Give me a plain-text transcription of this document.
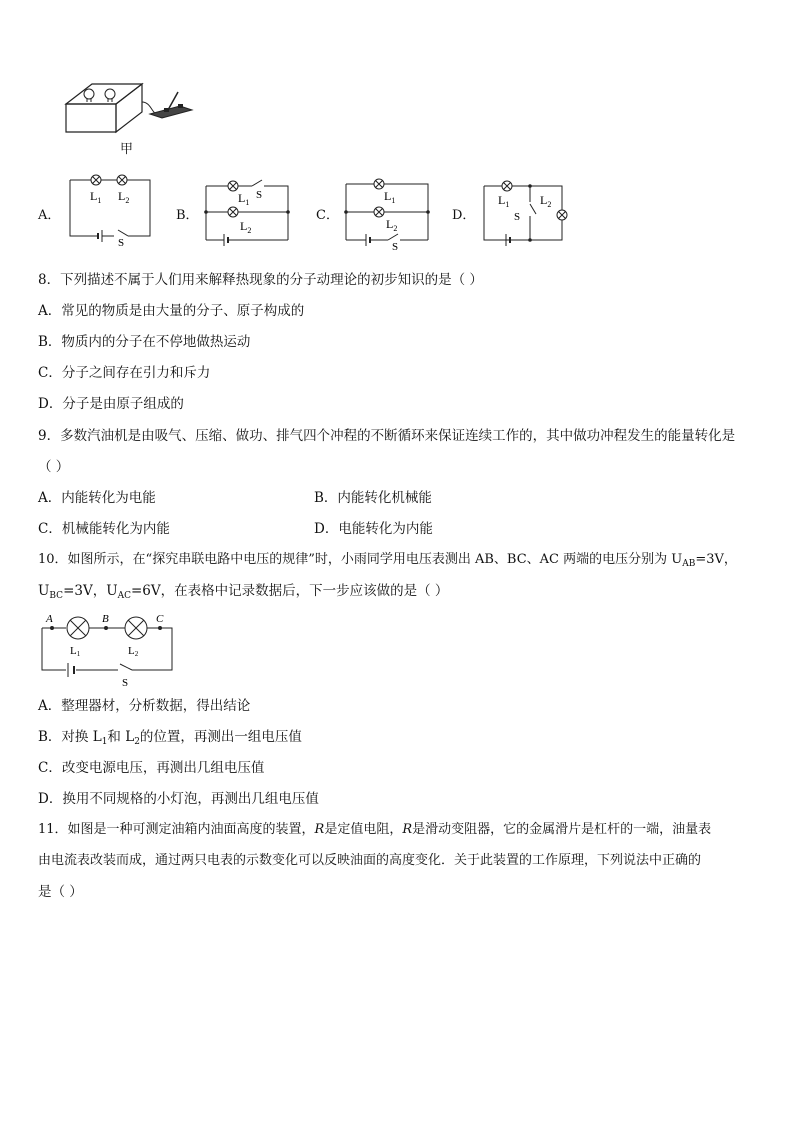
甲
A．
$L_1$ $L_2$
S
B．
$L_1$
S
$L_2$
C．
$L_1$
$L_2$
S
D．
$L_1$	$L_2$
S
8．下列描述不属于人们用来解释热现象的分子动理论的初步知识的是（ ）
A．常见的物质是由大量的分子、原子构成的
B．物质内的分子在不停地做热运动
C．分子之间存在引力和斥力
D．分子是由原子组成的
9．多数汽油机是由吸气、压缩、做功、排气四个冲程的不断循环来保证连续工作的，其中做功冲程发生的能量转化是
（ ）
A．内能转化为电能	B．内能转化机械能
C．机械能转化为内能	D．电能转化为内能
10．如图所示，在“探究串联电路中电压的规律”时，小雨同学用电压表测出 AB、BC、AC 两端的电压分别为 $U_{AB}=3V$，
$U_{BC}=3V$，$U_{AC}=6V$，在表格中记录数据后，下一步应该做的是（ ）
A	B	C
L1	L2
S
A．整理器材，分析数据，得出结论
B．对换 $L_1$和 $L_2$的位置，再测出一组电压值
C．改变电源电压，再测出几组电压值
D．换用不同规格的小灯泡，再测出几组电压值
11．如图是一种可测定油箱内油面高度的装置，R是定值电阻，R是滑动变阻器，它的金属滑片是杠杆的一端，油量表
由电流表改装而成，通过两只电表的示数变化可以反映油面的高度变化．关于此装置的工作原理，下列说法中正确的
是（ ）
